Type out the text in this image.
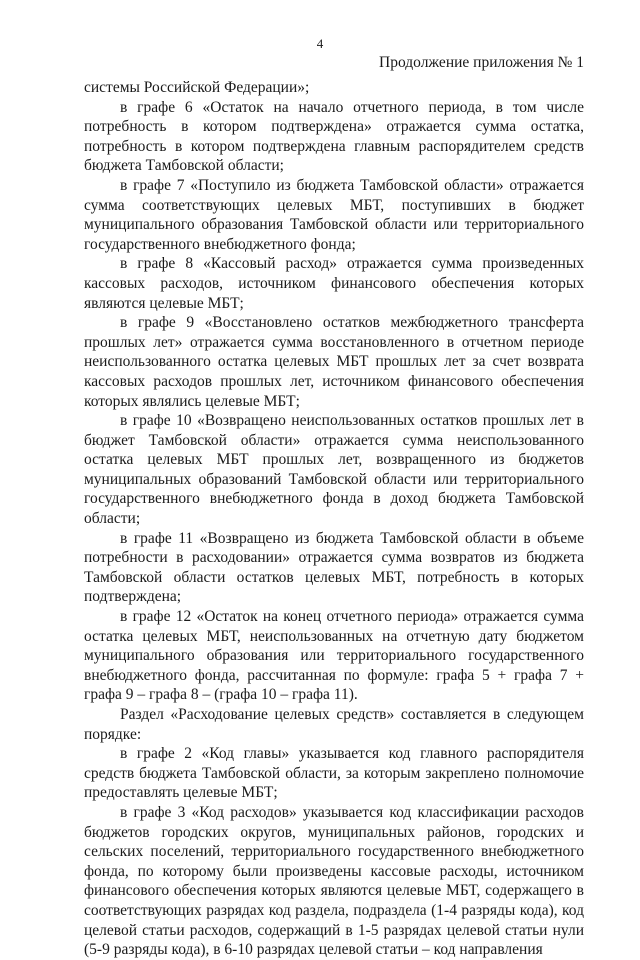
4
Продолжение приложения № 1

системы Российской Федерации»;

в графе 6 «Остаток на начало отчетного периода, в том числе потребность в котором подтверждена» отражается сумма остатка, потребность в котором подтверждена главным распорядителем средств бюджета Тамбовской области;

в графе 7 «Поступило из бюджета Тамбовской области» отражается сумма соответствующих целевых МБТ, поступивших в бюджет муниципального образования Тамбовской области или территориального государственного внебюджетного фонда;

в графе 8 «Кассовый расход» отражается сумма произведенных кассовых расходов, источником финансового обеспечения которых являются целевые МБТ;

в графе 9 «Восстановлено остатков межбюджетного трансферта прошлых лет» отражается сумма восстановленного в отчетном периоде неиспользованного остатка целевых МБТ прошлых лет за счет возврата кассовых расходов прошлых лет, источником финансового обеспечения которых являлись целевые МБТ;

в графе 10 «Возвращено неиспользованных остатков прошлых лет в бюджет Тамбовской области» отражается сумма неиспользованного остатка целевых МБТ прошлых лет, возвращенного из бюджетов муниципальных образований Тамбовской области или территориального государственного внебюджетного фонда в доход бюджета Тамбовской области;

в графе 11 «Возвращено из бюджета Тамбовской области в объеме потребности в расходовании» отражается сумма возвратов из бюджета Тамбовской области остатков целевых МБТ, потребность в которых подтверждена;

в графе 12 «Остаток на конец отчетного периода» отражается сумма остатка целевых МБТ, неиспользованных на отчетную дату бюджетом муниципального образования или территориального государственного внебюджетного фонда, рассчитанная по формуле: графа 5 + графа 7 + графа 9 – графа 8 – (графа 10 – графа 11).

Раздел «Расходование целевых средств» составляется в следующем порядке:

в графе 2 «Код главы» указывается код главного распорядителя средств бюджета Тамбовской области, за которым закреплено полномочие предоставлять целевые МБТ;

в графе 3 «Код расходов» указывается код классификации расходов бюджетов городских округов, муниципальных районов, городских и сельских поселений, территориального государственного внебюджетного фонда, по которому были произведены кассовые расходы, источником финансового обеспечения которых являются целевые МБТ, содержащего в соответствующих разрядах код раздела, подраздела (1-4 разряды кода), код целевой статьи расходов, содержащий в 1-5 разрядах целевой статьи нули (5-9 разряды кода), в 6-10 разрядах целевой статьи – код направления
